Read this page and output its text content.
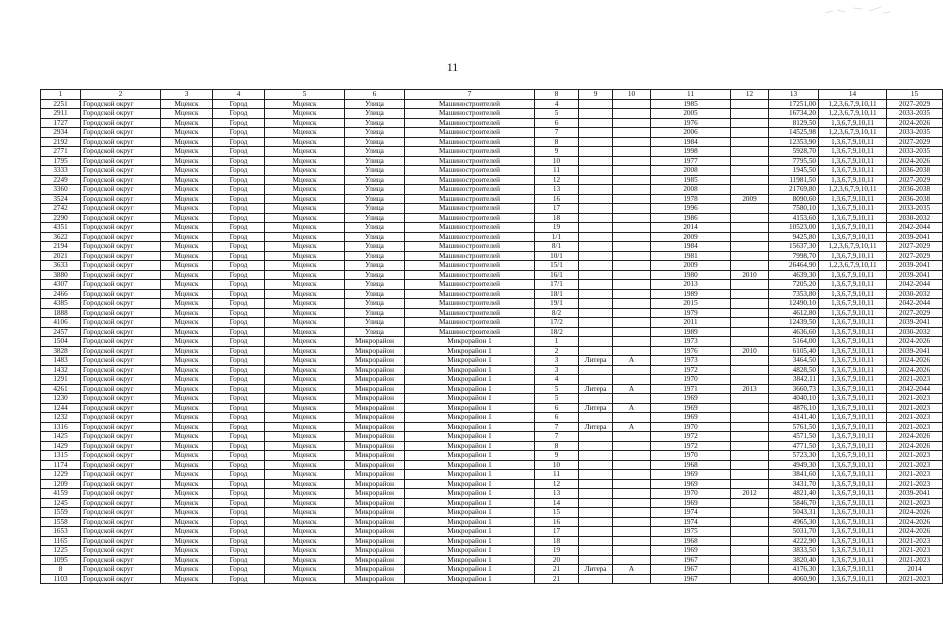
11
1	2	3	4	5	6	7	8	9	10	11	12	13	14	15
2251	Городской округ	Мценск	Город	Мценск	Улица	Машиностроителей	4			1985		17251,00	1,2,3,6,7,9,10,11	2027-2029
2911	Городской округ	Мценск	Город	Мценск	Улица	Машиностроителей	5			2005		16734,20	1,2,3,6,7,9,10,11	2033-2035
1727	Городской округ	Мценск	Город	Мценск	Улица	Машиностроителей	6			1976		8129,50	1,3,6,7,9,10,11	2024-2026
2934	Городской округ	Мценск	Город	Мценск	Улица	Машиностроителей	7			2006		14525,98	1,2,3,6,7,9,10,11	2033-2035
2192	Городской округ	Мценск	Город	Мценск	Улица	Машиностроителей	8			1984		12353,90	1,3,6,7,9,10,11	2027-2029
2771	Городской округ	Мценск	Город	Мценск	Улица	Машиностроителей	9			1998		5928,70	1,3,6,7,9,10,11	2033-2035
1795	Городской округ	Мценск	Город	Мценск	Улица	Машиностроителей	10			1977		7795,50	1,3,6,7,9,10,11	2024-2026
3333	Городской округ	Мценск	Город	Мценск	Улица	Машиностроителей	11			2008		1945,50	1,3,6,7,9,10,11	2036-2038
2249	Городской округ	Мценск	Город	Мценск	Улица	Машиностроителей	12			1985		11981,50	1,3,6,7,9,10,11	2027-2029
3360	Городской округ	Мценск	Город	Мценск	Улица	Машиностроителей	13			2008		21769,80	1,2,3,6,7,9,10,11	2036-2038
3524	Городской округ	Мценск	Город	Мценск	Улица	Машиностроителей	16			1978	2009	8090,60	1,3,6,7,9,10,11	2036-2038
2742	Городской округ	Мценск	Город	Мценск	Улица	Машиностроителей	17			1996		7580,10	1,3,6,7,9,10,11	2033-2035
2290	Городской округ	Мценск	Город	Мценск	Улица	Машиностроителей	18			1986		4153,60	1,3,6,7,9,10,11	2030-2032
4351	Городской округ	Мценск	Город	Мценск	Улица	Машиностроителей	19			2014		10523,00	1,3,6,7,9,10,11	2042-2044
3622	Городской округ	Мценск	Город	Мценск	Улица	Машиностроителей	1/1			2009		9425,80	1,3,6,7,9,10,11	2039-2041
2194	Городской округ	Мценск	Город	Мценск	Улица	Машиностроителей	8/1			1984		15637,30	1,2,3,6,7,9,10,11	2027-2029
2021	Городской округ	Мценск	Город	Мценск	Улица	Машиностроителей	10/1			1981		7998,70	1,3,6,7,9,10,11	2027-2029
3633	Городской округ	Мценск	Город	Мценск	Улица	Машиностроителей	15/1			2009		26464,90	1,2,3,6,7,9,10,11	2039-2041
3880	Городской округ	Мценск	Город	Мценск	Улица	Машиностроителей	16/1			1980	2010	4639,30	1,3,6,7,9,10,11	2039-2041
4307	Городской округ	Мценск	Город	Мценск	Улица	Машиностроителей	17/1			2013		7205,20	1,3,6,7,9,10,11	2042-2044
2466	Городской округ	Мценск	Город	Мценск	Улица	Машиностроителей	18/1			1989		7353,80	1,3,6,7,9,10,11	2030-2032
4385	Городской округ	Мценск	Город	Мценск	Улица	Машиностроителей	19/1			2015		12490,10	1,3,6,7,9,10,11	2042-2044
1888	Городской округ	Мценск	Город	Мценск	Улица	Машиностроителей	8/2			1979		4612,80	1,3,6,7,9,10,11	2027-2029
4106	Городской округ	Мценск	Город	Мценск	Улица	Машиностроителей	17/2			2011		12439,50	1,3,6,7,9,10,11	2039-2041
2457	Городской округ	Мценск	Город	Мценск	Улица	Машиностроителей	18/2			1989		4636,60	1,3,6,7,9,10,11	2030-2032
1504	Городской округ	Мценск	Город	Мценск	Микрорайон	Микрорайон 1	1			1973		5164,00	1,3,6,7,9,10,11	2024-2026
3828	Городской округ	Мценск	Город	Мценск	Микрорайон	Микрорайон 1	2			1976	2010	6105,40	1,3,6,7,9,10,11	2039-2041
1483	Городской округ	Мценск	Город	Мценск	Микрорайон	Микрорайон 1	3	Литера	А	1973		3464,50	1,3,6,7,9,10,11	2024-2026
1432	Городской округ	Мценск	Город	Мценск	Микрорайон	Микрорайон 1	3			1972		4828,50	1,3,6,7,9,10,11	2024-2026
1291	Городской округ	Мценск	Город	Мценск	Микрорайон	Микрорайон 1	4			1970		3842,11	1,3,6,7,9,10,11	2021-2023
4261	Городской округ	Мценск	Город	Мценск	Микрорайон	Микрорайон 1	5	Литера	А	1971	2013	3660,73	1,3,6,7,9,10,11	2042-2044
1230	Городской округ	Мценск	Город	Мценск	Микрорайон	Микрорайон 1	5			1969		4040,10	1,3,6,7,9,10,11	2021-2023
1244	Городской округ	Мценск	Город	Мценск	Микрорайон	Микрорайон 1	6	Литера	А	1969		4876,10	1,3,6,7,9,10,11	2021-2023
1232	Городской округ	Мценск	Город	Мценск	Микрорайон	Микрорайон 1	6			1969		4141,40	1,3,6,7,9,10,11	2021-2023
1316	Городской округ	Мценск	Город	Мценск	Микрорайон	Микрорайон 1	7	Литера	А	1970		5761,50	1,3,6,7,9,10,11	2021-2023
1425	Городской округ	Мценск	Город	Мценск	Микрорайон	Микрорайон 1	7			1972		4571,50	1,3,6,7,9,10,11	2024-2026
1429	Городской округ	Мценск	Город	Мценск	Микрорайон	Микрорайон 1	8			1972		4771,50	1,3,6,7,9,10,11	2024-2026
1315	Городской округ	Мценск	Город	Мценск	Микрорайон	Микрорайон 1	9			1970		5723,30	1,3,6,7,9,10,11	2021-2023
1174	Городской округ	Мценск	Город	Мценск	Микрорайон	Микрорайон 1	10			1968		4949,30	1,3,6,7,9,10,11	2021-2023
1229	Городской округ	Мценск	Город	Мценск	Микрорайон	Микрорайон 1	11			1969		3841,60	1,3,6,7,9,10,11	2021-2023
1209	Городской округ	Мценск	Город	Мценск	Микрорайон	Микрорайон 1	12			1969		3431,70	1,3,6,7,9,10,11	2021-2023
4159	Городской округ	Мценск	Город	Мценск	Микрорайон	Микрорайон 1	13			1970	2012	4821,40	1,3,6,7,9,10,11	2039-2041
1245	Городской округ	Мценск	Город	Мценск	Микрорайон	Микрорайон 1	14			1969		5846,70	1,3,6,7,9,10,11	2021-2023
1559	Городской округ	Мценск	Город	Мценск	Микрорайон	Микрорайон 1	15			1974		5043,31	1,3,6,7,9,10,11	2024-2026
1558	Городской округ	Мценск	Город	Мценск	Микрорайон	Микрорайон 1	16			1974		4965,30	1,3,6,7,9,10,11	2024-2026
1653	Городской округ	Мценск	Город	Мценск	Микрорайон	Микрорайон 1	17			1975		5031,70	1,3,6,7,9,10,11	2024-2026
1165	Городской округ	Мценск	Город	Мценск	Микрорайон	Микрорайон 1	18			1968		4222,90	1,3,6,7,9,10,11	2021-2023
1225	Городской округ	Мценск	Город	Мценск	Микрорайон	Микрорайон 1	19			1969		3833,50	1,3,6,7,9,10,11	2021-2023
1095	Городской округ	Мценск	Город	Мценск	Микрорайон	Микрорайон 1	20			1967		3820,40	1,3,6,7,9,10,11	2021-2023
8	Городской округ	Мценск	Город	Мценск	Микрорайон	Микрорайон 1	21	Литера	А	1967		4176,30	1,3,6,7,9,10,11	2014
1103	Городской округ	Мценск	Город	Мценск	Микрорайон	Микрорайон 1	21			1967		4060,90	1,3,6,7,9,10,11	2021-2023
